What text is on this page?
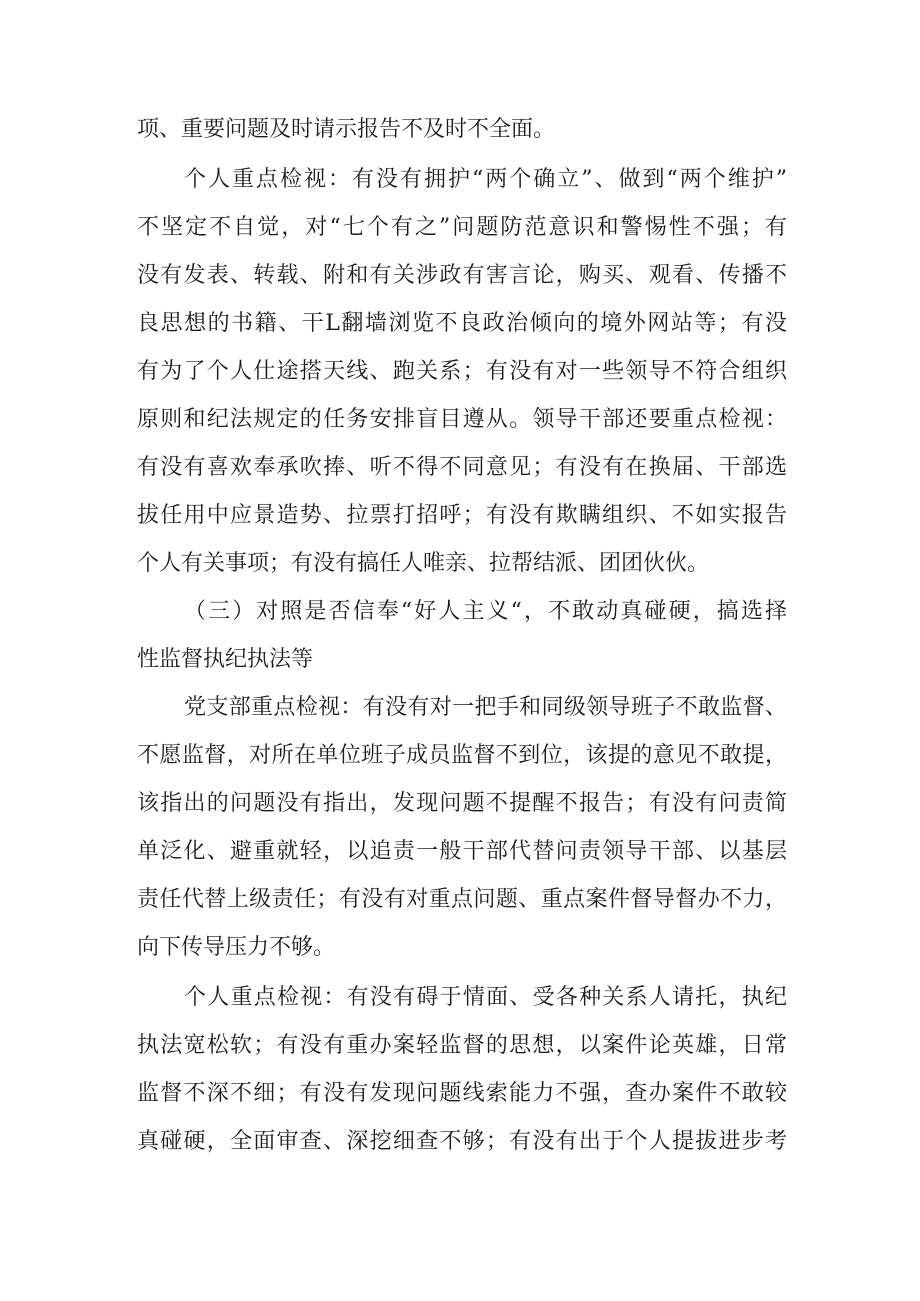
项、重要问题及时请示报告不及时不全面。
个人重点检视：有没有拥护“两个确立”、做到“两个维护”
不坚定不自觉，对“七个有之”问题防范意识和警惕性不强；有
没有发表、转载、附和有关涉政有害言论，购买、观看、传播不
良思想的书籍、干L翻墙浏览不良政治倾向的境外网站等；有没
有为了个人仕途搭天线、跑关系；有没有对一些领导不符合组织
原则和纪法规定的任务安排盲目遵从。领导干部还要重点检视：
有没有喜欢奉承吹捧、听不得不同意见；有没有在换届、干部选
拔任用中应景造势、拉票打招呼；有没有欺瞒组织、不如实报告
个人有关事项；有没有搞任人唯亲、拉帮结派、团团伙伙。
（三）对照是否信奉“好人主义“，不敢动真碰硬，搞选择
性监督执纪执法等
党支部重点检视：有没有对一把手和同级领导班子不敢监督、
不愿监督，对所在单位班子成员监督不到位，该提的意见不敢提，
该指出的问题没有指出，发现问题不提醒不报告；有没有问责简
单泛化、避重就轻，以追责一般干部代替问责领导干部、以基层
责任代替上级责任；有没有对重点问题、重点案件督导督办不力，
向下传导压力不够。
个人重点检视：有没有碍于情面、受各种关系人请托，执纪
执法宽松软；有没有重办案轻监督的思想，以案件论英雄，日常
监督不深不细；有没有发现问题线索能力不强，查办案件不敢较
真碰硬，全面审查、深挖细查不够；有没有出于个人提拔进步考
